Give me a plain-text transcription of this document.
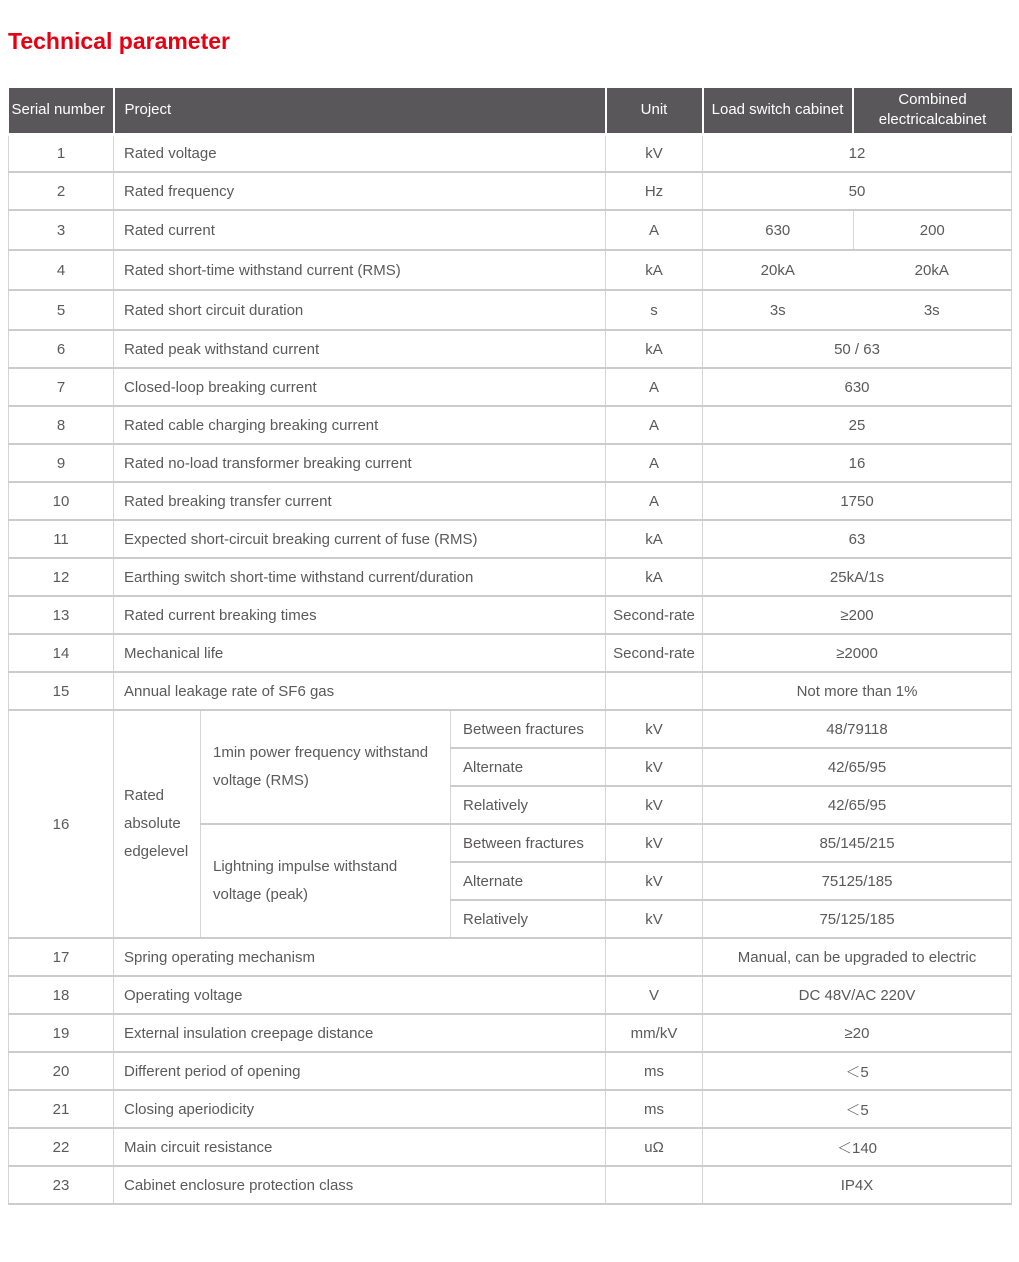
Technical parameter
Serial number	Project			Unit	Load switch cabinet	Combined electricalcabinet
1	Rated voltage			kV	12	
2	Rated frequency			Hz	50	
3	Rated current			A	630 200	

4	Rated short-time withstand current (RMS)			kA	20kA 20kA	

5	Rated short circuit duration			s	3s 3s	

6	Rated peak withstand current			kA	50 / 63	
7	Closed-loop breaking current			A	630	
8	Rated cable charging breaking current			A	25	
9	Rated no-load transformer breaking current			A	16	
10	Rated breaking transfer current			A	1750	
11	Expected short-circuit breaking current of fuse (RMS)			kA	63	
12	Earthing switch short-time withstand current/duration			kA	25kA/1s	
13	Rated current breaking times			Second-rate	≥200	
14	Mechanical life			Second-rate	≥2000	
15	Annual leakage rate of SF6 gas				Not more than 1%	
16	Rated absolute edgelevel	1min power frequency withstand voltage (RMS)	Between fractures	kV	48/79118	
			Alternate	kV	42/65/95	
			Relatively	kV	42/65/95	
		Lightning impulse withstand voltage (peak)	Between fractures	kV	85/145/215	
			Alternate	kV	75125/185	
			Relatively	kV	75/125/185	
17	Spring operating mechanism				Manual, can be upgraded to electric	
18	Operating voltage			V	DC 48V/AC 220V	
19	External insulation creepage distance			mm/kV	≥20	
20	Different period of opening			ms	＜5	
21	Closing aperiodicity			ms	＜5	
22	Main circuit resistance			uΩ	＜140	
23	Cabinet enclosure protection class				IP4X	
